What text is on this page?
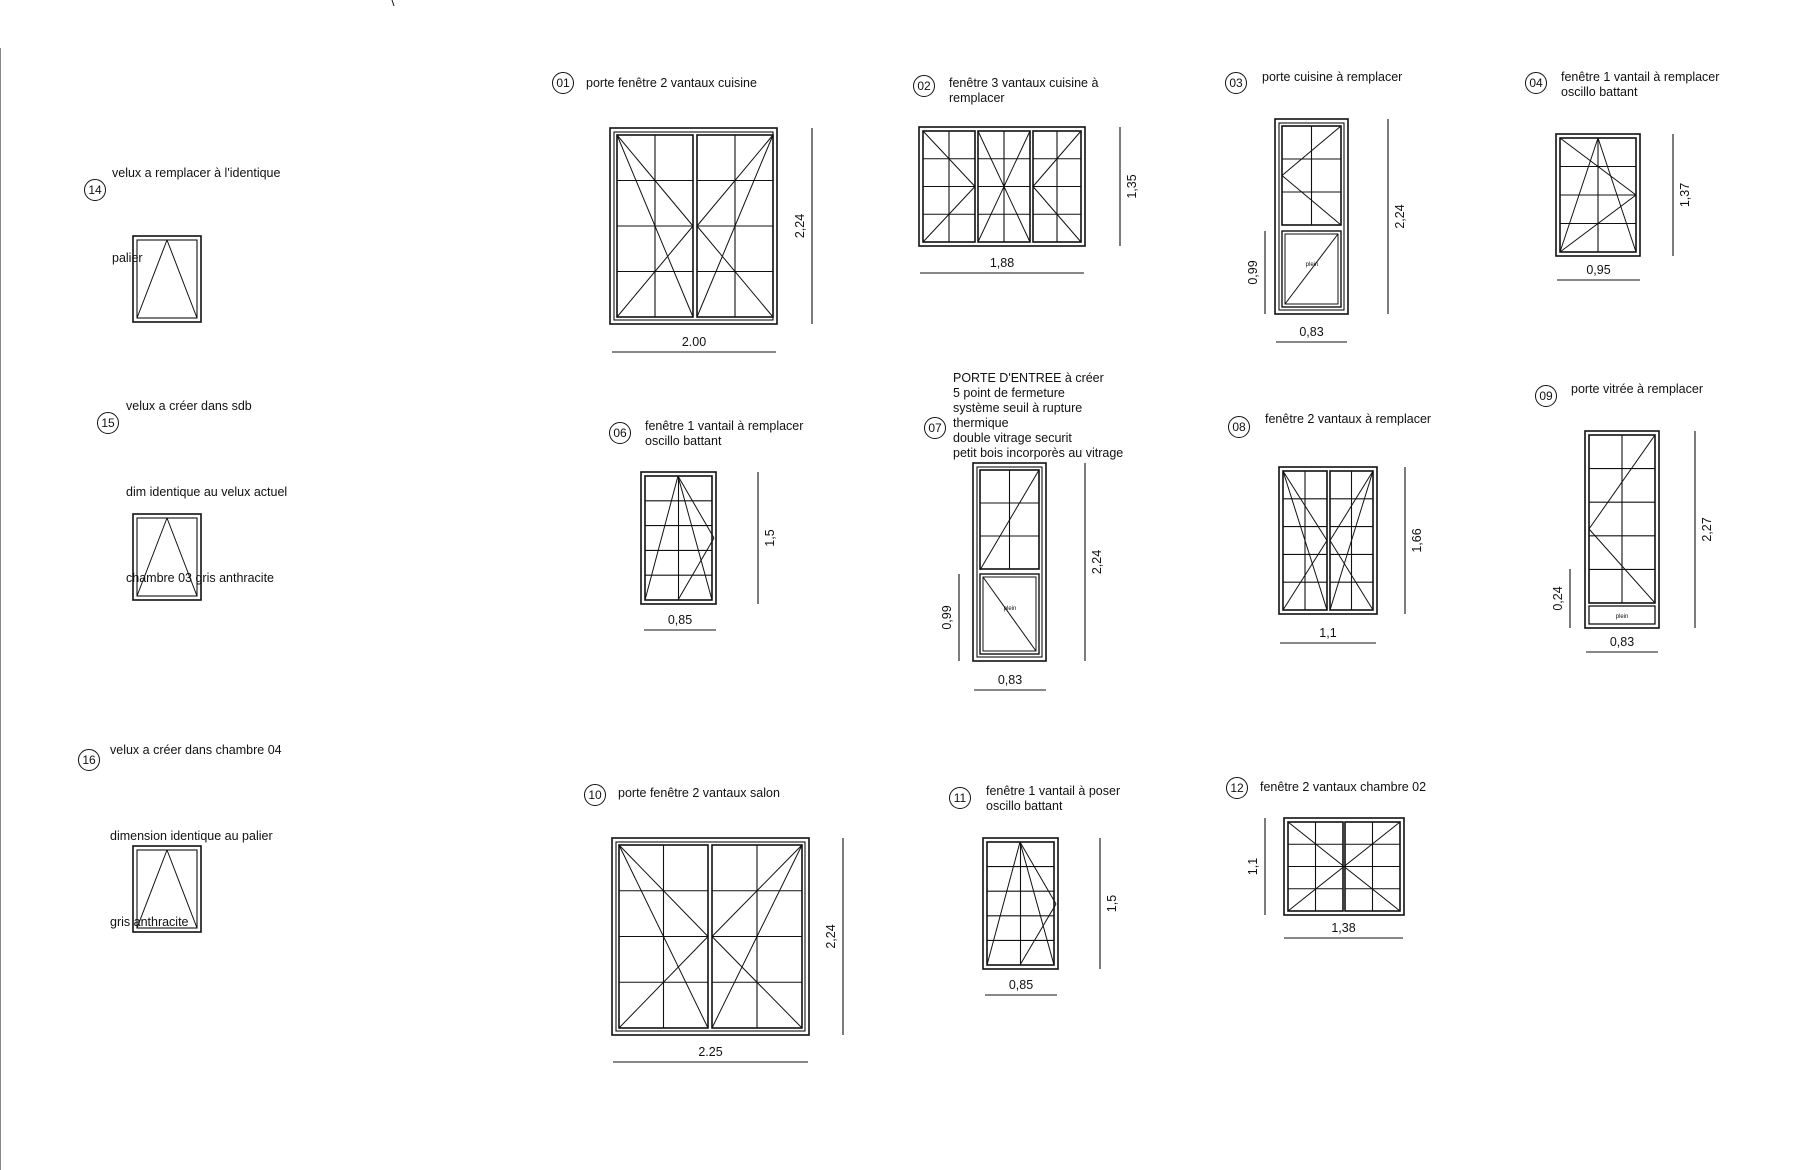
14
velux a remplacer à l'identique
palier
15
velux a créer dans sdb
dim identique au velux actuel
chambre 03 gris anthracite
16
velux a créer dans chambre 04
dimension identique au palier
gris anthracite
01 porte fenêtre 2 vantaux cuisine
2.00
2,24
02 fenêtre 3 vantaux cuisine à
remplacer
1,88
1,35
03 porte cuisine à remplacer
plein
0,83
2,24
0,99
04 fenêtre 1 vantail à remplacer
oscillo battant
0,95
1,37
06 fenêtre 1 vantail à remplacer
oscillo battant
0,85
1,5
07
PORTE D'ENTREE à créer
5 point de fermeture
système seuil à rupture
thermique
double vitrage securit
petit bois incorporès au vitrage
plein
0,83
2,24
0,99
08
fenêtre 2 vantaux à remplacer
1,1
1,66
09 porte vitrée à remplacer
plein
0,83
2,27
0,24
10 porte fenêtre 2 vantaux salon
2.25
2,24
11 fenêtre 1 vantail à poser
oscillo battant
0,85
1,5
12 fenêtre 2 vantaux chambre 02
1,38
1,1
